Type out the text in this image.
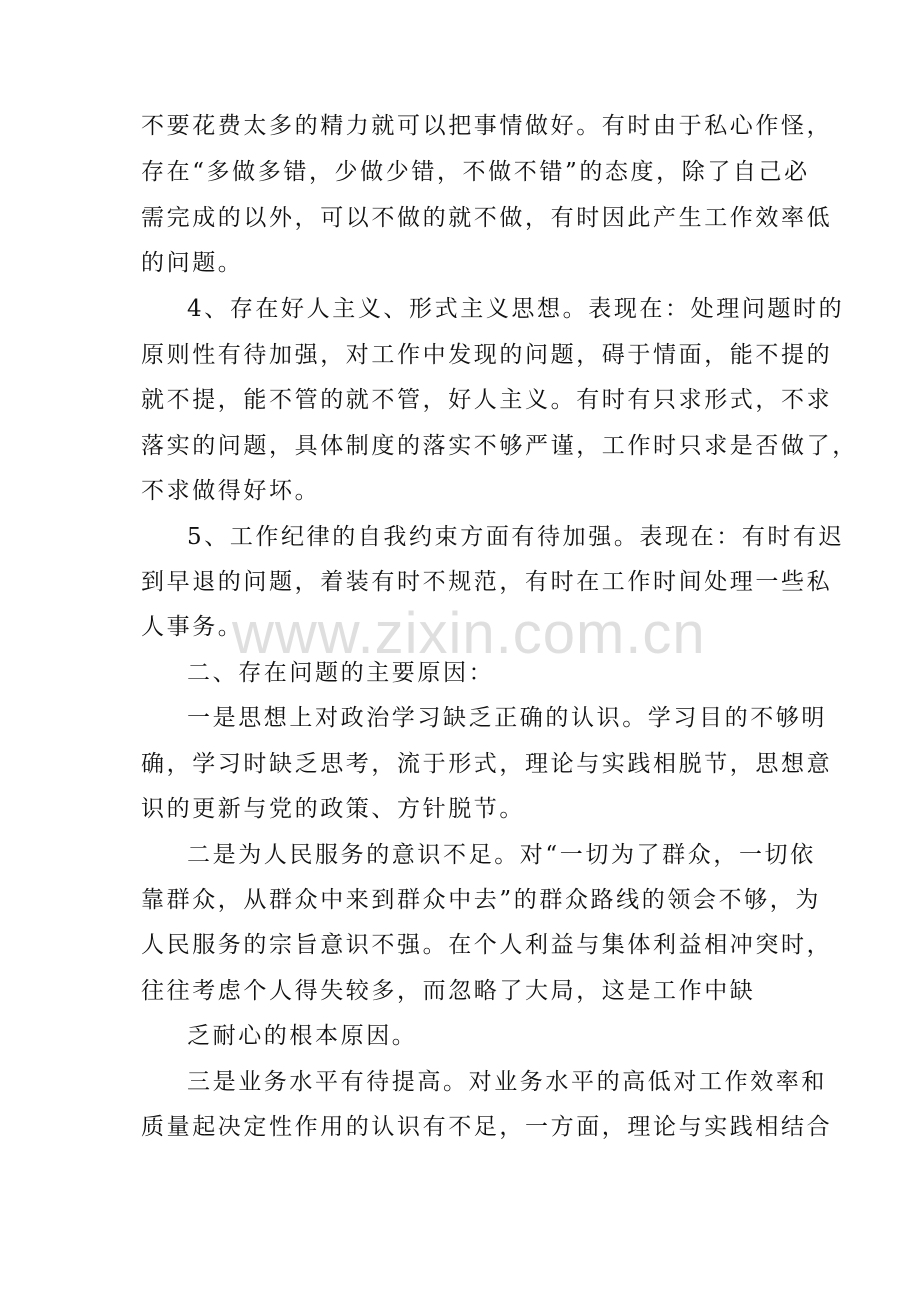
不要花费太多的精力就可以把事情做好。有时由于私心作怪，
存在“多做多错，少做少错，不做不错”的态度，除了自己必
需完成的以外，可以不做的就不做，有时因此产生工作效率低
的问题。
4、存在好人主义、形式主义思想。表现在：处理问题时的
原则性有待加强，对工作中发现的问题，碍于情面，能不提的
就不提，能不管的就不管，好人主义。有时有只求形式，不求
落实的问题，具体制度的落实不够严谨，工作时只求是否做了，
不求做得好坏。
5、工作纪律的自我约束方面有待加强。表现在：有时有迟
到早退的问题，着装有时不规范，有时在工作时间处理一些私
人事务。
二、存在问题的主要原因：
一是思想上对政治学习缺乏正确的认识。学习目的不够明
确，学习时缺乏思考，流于形式，理论与实践相脱节，思想意
识的更新与党的政策、方针脱节。
二是为人民服务的意识不足。对“一切为了群众，一切依
靠群众，从群众中来到群众中去”的群众路线的领会不够，为
人民服务的宗旨意识不强。在个人利益与集体利益相冲突时，
往往考虑个人得失较多，而忽略了大局，这是工作中缺
乏耐心的根本原因。
三是业务水平有待提高。对业务水平的高低对工作效率和
质量起决定性作用的认识有不足，一方面，理论与实践相结合
www.zixin.com.cn
